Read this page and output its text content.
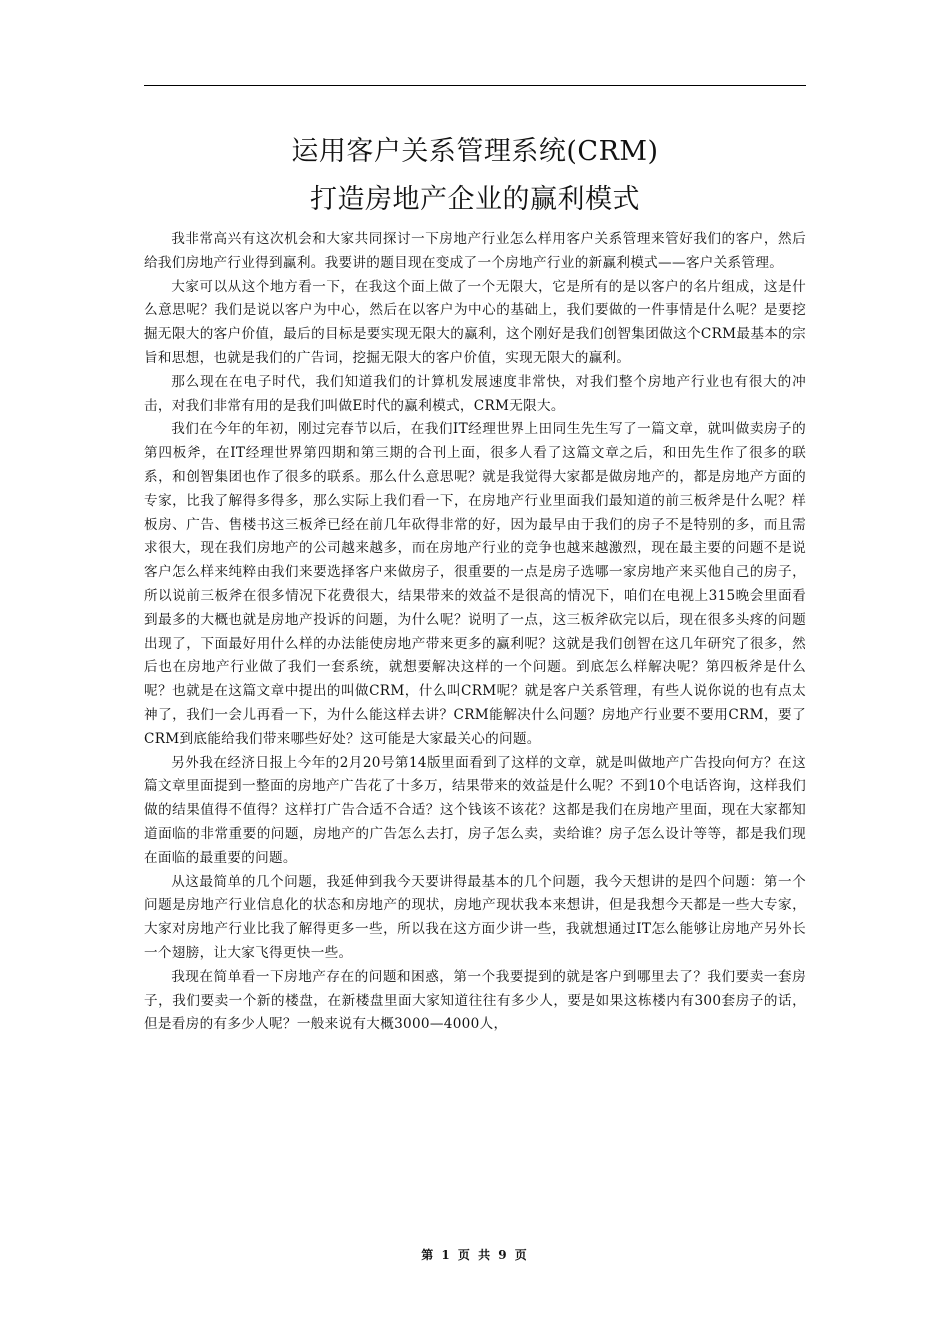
运用客户关系管理系统(CRM)
打造房地产企业的赢利模式

我非常高兴有这次机会和大家共同探讨一下房地产行业怎么样用客户关系管理来管好我们的客户，然后给我们房地产行业得到赢利。我要讲的题目现在变成了一个房地产行业的新赢利模式——客户关系管理。

大家可以从这个地方看一下，在我这个面上做了一个无限大，它是所有的是以客户的名片组成，这是什么意思呢？我们是说以客户为中心，然后在以客户为中心的基础上，我们要做的一件事情是什么呢？是要挖掘无限大的客户价值，最后的目标是要实现无限大的赢利，这个刚好是我们创智集团做这个CRM最基本的宗旨和思想，也就是我们的广告词，挖掘无限大的客户价值，实现无限大的赢利。

那么现在在电子时代，我们知道我们的计算机发展速度非常快，对我们整个房地产行业也有很大的冲击，对我们非常有用的是我们叫做E时代的赢利模式，CRM无限大。

我们在今年的年初，刚过完春节以后，在我们IT经理世界上田同生先生写了一篇文章，就叫做卖房子的第四板斧，在IT经理世界第四期和第三期的合刊上面，很多人看了这篇文章之后，和田先生作了很多的联系，和创智集团也作了很多的联系。那么什么意思呢？就是我觉得大家都是做房地产的，都是房地产方面的专家，比我了解得多得多，那么实际上我们看一下，在房地产行业里面我们最知道的前三板斧是什么呢？样板房、广告、售楼书这三板斧已经在前几年砍得非常的好，因为最早由于我们的房子不是特别的多，而且需求很大，现在我们房地产的公司越来越多，而在房地产行业的竞争也越来越激烈，现在最主要的问题不是说客户怎么样来纯粹由我们来要选择客户来做房子，很重要的一点是房子选哪一家房地产来买他自己的房子，所以说前三板斧在很多情况下花费很大，结果带来的效益不是很高的情况下，咱们在电视上315晚会里面看到最多的大概也就是房地产投诉的问题，为什么呢？说明了一点，这三板斧砍完以后，现在很多头疼的问题出现了，下面最好用什么样的办法能使房地产带来更多的赢利呢？这就是我们创智在这几年研究了很多，然后也在房地产行业做了我们一套系统，就想要解决这样的一个问题。到底怎么样解决呢？第四板斧是什么呢？也就是在这篇文章中提出的叫做CRM，什么叫CRM呢？就是客户关系管理，有些人说你说的也有点太神了，我们一会儿再看一下，为什么能这样去讲？CRM能解决什么问题？房地产行业要不要用CRM，要了CRM到底能给我们带来哪些好处？这可能是大家最关心的问题。

另外我在经济日报上今年的2月20号第14版里面看到了这样的文章，就是叫做地产广告投向何方？在这篇文章里面提到一整面的房地产广告花了十多万，结果带来的效益是什么呢？不到10个电话咨询，这样我们做的结果值得不值得？这样打广告合适不合适？这个钱该不该花？这都是我们在房地产里面，现在大家都知道面临的非常重要的问题，房地产的广告怎么去打，房子怎么卖，卖给谁？房子怎么设计等等，都是我们现在面临的最重要的问题。

从这最简单的几个问题，我延伸到我今天要讲得最基本的几个问题，我今天想讲的是四个问题：第一个问题是房地产行业信息化的状态和房地产的现状，房地产现状我本来想讲，但是我想今天都是一些大专家，大家对房地产行业比我了解得更多一些，所以我在这方面少讲一些，我就想通过IT怎么能够让房地产另外长一个翅膀，让大家飞得更快一些。

我现在简单看一下房地产存在的问题和困惑，第一个我要提到的就是客户到哪里去了？我们要卖一套房子，我们要卖一个新的楼盘，在新楼盘里面大家知道往往有多少人，要是如果这栋楼内有300套房子的话，但是看房的有多少人呢？一般来说有大概3000—4000人，

第 1 页 共 9 页
